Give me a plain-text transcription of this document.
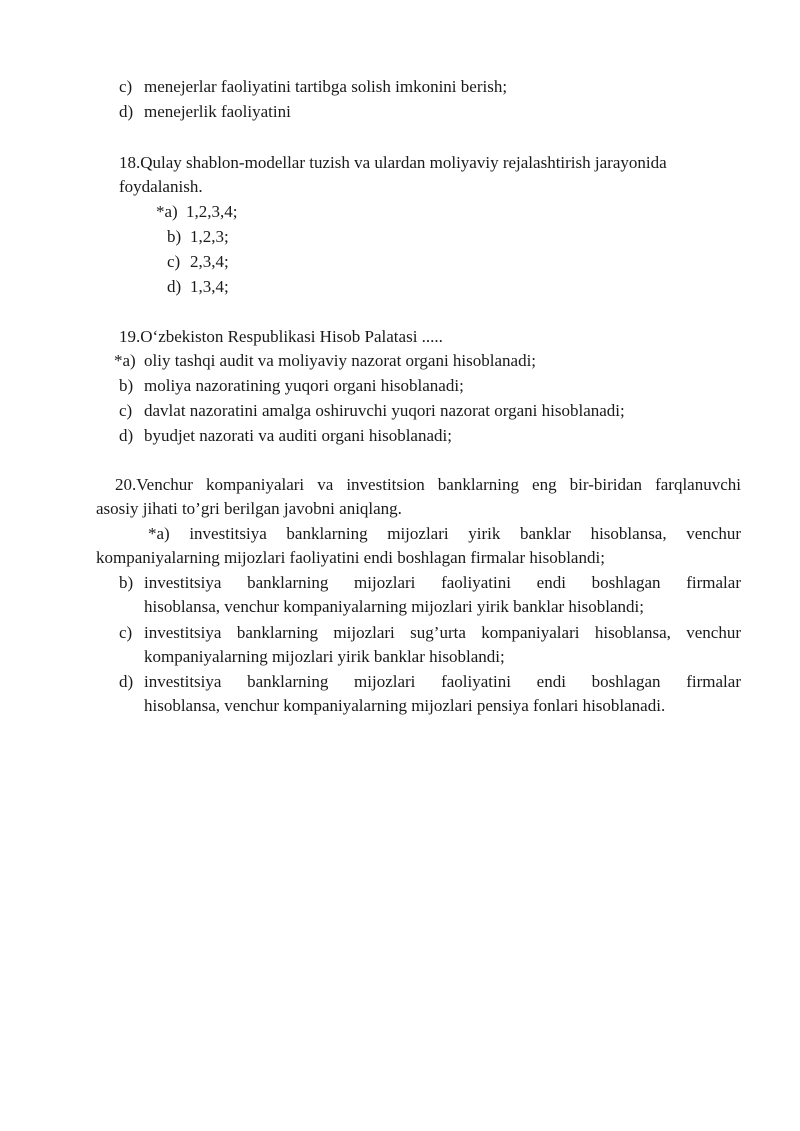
c) menejerlar faoliyatini tartibga solish imkonini berish;
d) menejerlik faoliyatini
18.Qulay shablon-modellar tuzish va ulardan moliyaviy rejalashtirish jarayonida
foydalanish.
*a) 1,2,3,4;
b) 1,2,3;
c) 2,3,4;
d) 1,3,4;
19.O‘zbekiston Respublikasi Hisob Palatasi .....
*a) oliy tashqi audit va moliyaviy nazorat organi hisoblanadi;
b) moliya nazoratining yuqori organi hisoblanadi;
c) davlat nazoratini amalga oshiruvchi yuqori nazorat organi hisoblanadi;
d) byudjet nazorati va auditi organi hisoblanadi;
20.Venchur kompaniyalari va investitsion banklarning eng bir-biridan farqlanuvchi
asosiy jihati to’gri berilgan javobni aniqlang.
*a) investitsiya banklarning mijozlari yirik banklar hisoblansa, venchur
kompaniyalarning mijozlari faoliyatini endi boshlagan firmalar hisoblandi;
b) investitsiya banklarning mijozlari faoliyatini endi boshlagan firmalar
hisoblansa, venchur kompaniyalarning mijozlari yirik banklar hisoblandi;
c) investitsiya banklarning mijozlari sug’urta kompaniyalari hisoblansa, venchur
kompaniyalarning mijozlari yirik banklar hisoblandi;
d) investitsiya banklarning mijozlari faoliyatini endi boshlagan firmalar
hisoblansa, venchur kompaniyalarning mijozlari pensiya fonlari hisoblanadi.
